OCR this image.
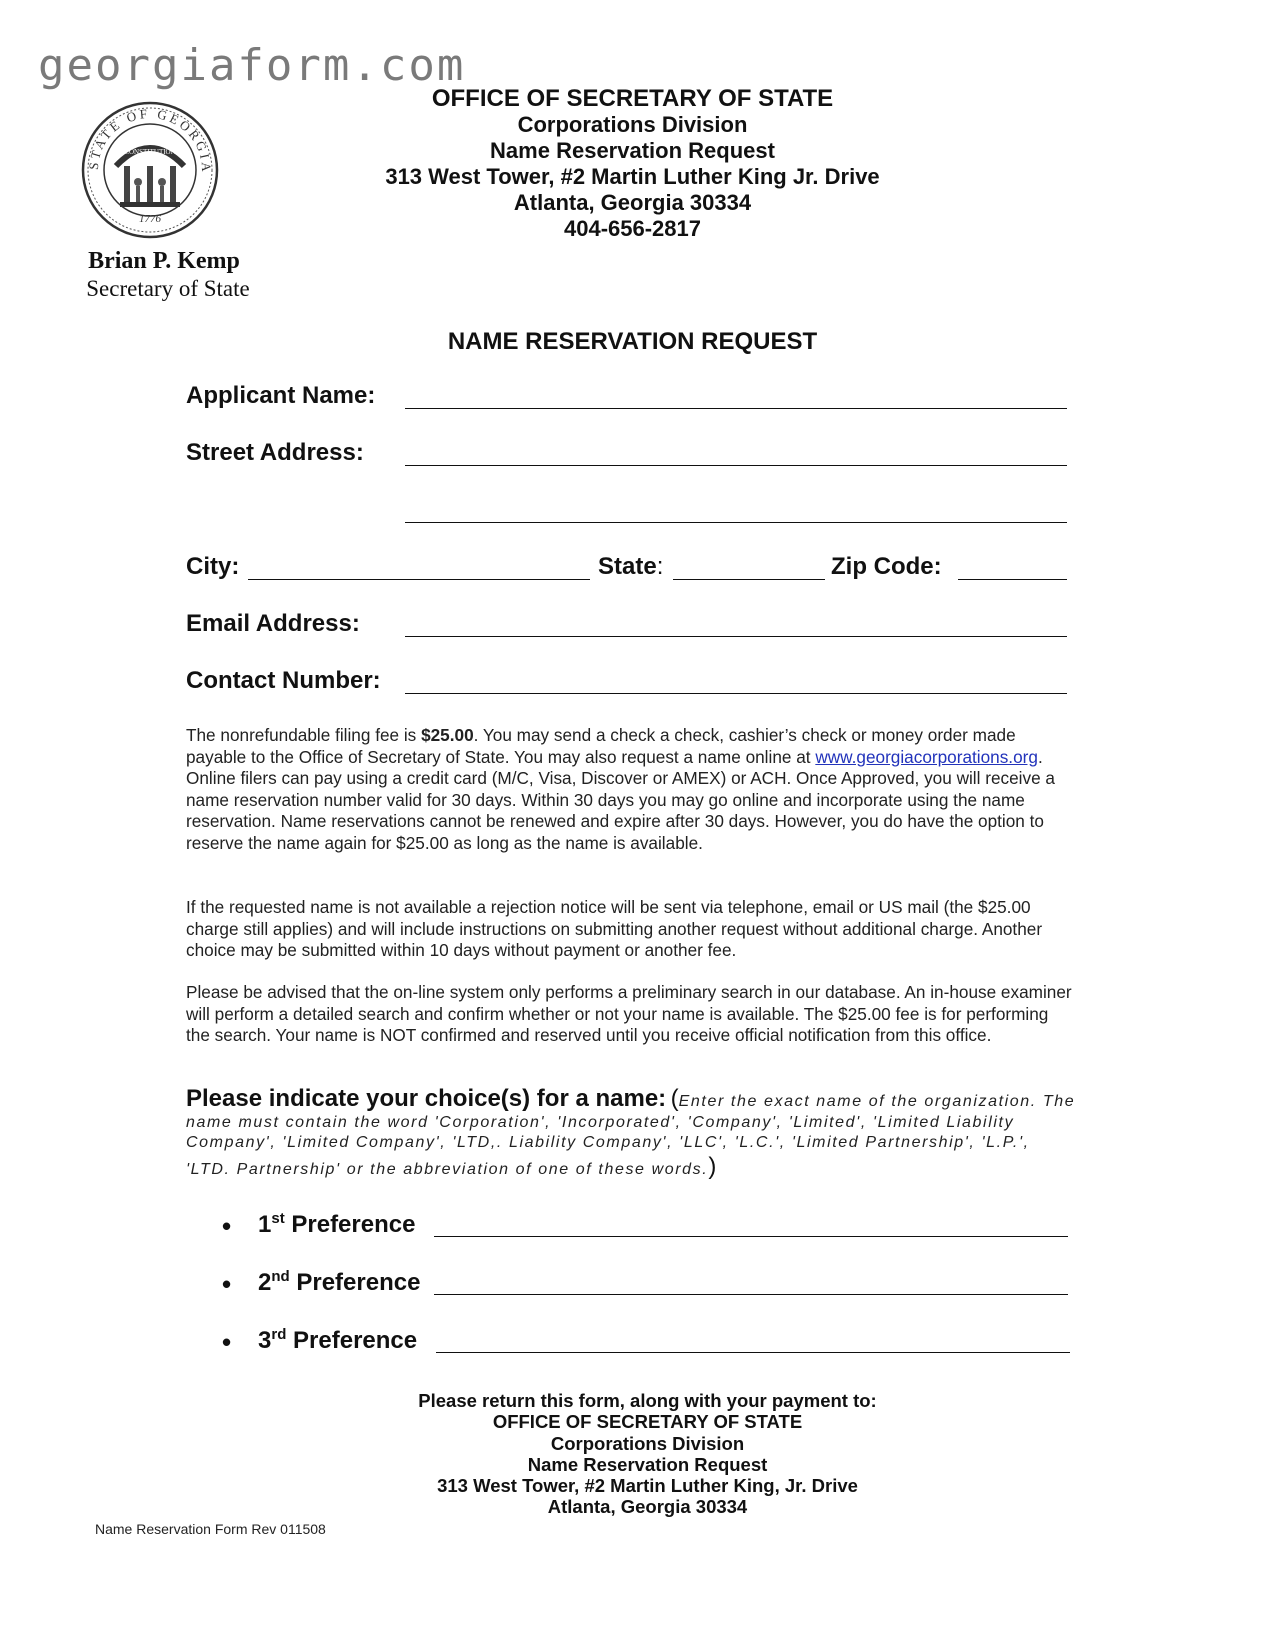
georgiaform.com
STATE OF GEORGIA
CONSTITUTION
1776
Brian P. Kemp
Secretary of State
OFFICE OF SECRETARY OF STATE
Corporations Division
Name Reservation Request
313 West Tower, #2 Martin Luther King Jr. Drive
Atlanta, Georgia 30334
404-656-2817
NAME RESERVATION REQUEST
Applicant Name:
Street Address:
City:	State:	Zip Code:
Email Address:
Contact Number:
The nonrefundable filing fee is $25.00. You may send a check a check, cashier’s check or money order made payable to the Office of Secretary of State. You may also request a name online at www.georgiacorporations.org. Online filers can pay using a credit card (M/C, Visa, Discover or AMEX) or ACH. Once Approved, you will receive a name reservation number valid for 30 days. Within 30 days you may go online and incorporate using the name reservation. Name reservations cannot be renewed and expire after 30 days. However, you do have the option to reserve the name again for $25.00 as long as the name is available.
If the requested name is not available a rejection notice will be sent via telephone, email or US mail (the $25.00 charge still applies) and will include instructions on submitting another request without additional charge. Another choice may be submitted within 10 days without payment or another fee.
Please be advised that the on-line system only performs a preliminary search in our database. An in-house examiner will perform a detailed search and confirm whether or not your name is available. The $25.00 fee is for performing the search. Your name is NOT confirmed and reserved until you receive official notification from this office.
Please indicate your choice(s) for a name: (Enter the exact name of the organization. The name must contain the word 'Corporation', 'Incorporated', 'Company', 'Limited', 'Limited Liability Company', 'Limited Company', 'LTD,. Liability Company', 'LLC', 'L.C.', 'Limited Partnership', 'L.P.', 'LTD. Partnership' or the abbreviation of one of these words.)
• 1st Preference
• 2nd Preference
• 3rd Preference
Please return this form, along with your payment to:
OFFICE OF SECRETARY OF STATE
Corporations Division
Name Reservation Request
313 West Tower, #2 Martin Luther King, Jr. Drive
Atlanta, Georgia 30334
Name Reservation Form Rev 011508
